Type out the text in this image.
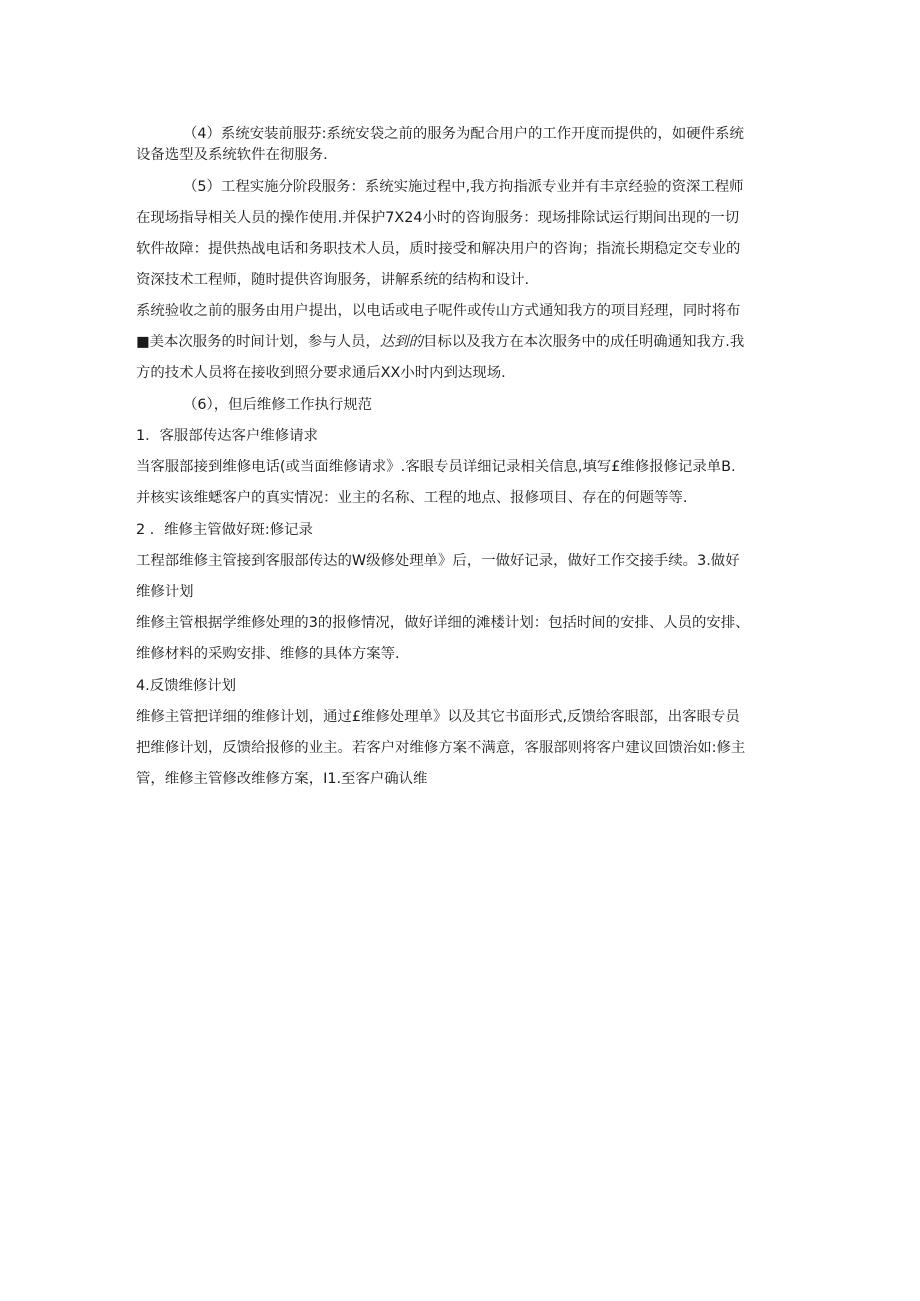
（4）系统安装前服芬:系统安袋之前的服务为配合用户的工作开度而提供的，如硬件系统
设备选型及系统软件在彻服务.
（5）工程实施分阶段服务：系统实施过程中,我方拘指派专业并有丰京经验的资深工程师
在现场指导相关人员的操作使用.并保护7X24小时的咨询服务：现场排除试运行期间出现的一切
软件故障：提供热战电话和务职技术人员，质时接受和解决用户的咨询；指流长期稳定交专业的
资深技术工程师，随时提供咨询服务，讲解系统的结构和设计.
系统验收之前的服务由用户提出，以电话或电子呢件或传山方式通知我方的项目羟理，同时将布
■美本次服务的时间计划，参与人员，达到的目标以及我方在本次服务中的成任明确通知我方.我
方的技术人员将在接收到照分要求通后XX小时内到达现场.
（6），但后维修工作执行规范
1．客服部传达客户维修请求
当客服部接到维修电话(或当面维修请求》.客眼专员详细记录相关信息,填写£维修报修记录单B.
并核实该维蟋客户的真实情况：业主的名称、工程的地点、报修项目、存在的何题等等.
2 ．维修主管做好斑:修记录
工程部维修主管接到客服部传达的W级修处理单》后，一做好记录，做好工作交接手续。3.做好
维修计划
维修主管根据学维修处理的3的报修情况，做好详细的滩楼计划：包括时间的安排、人员的安排、
维修材料的采购安排、维修的具体方案等.
4.反馈维修计划
维修主管把详细的维修计划，通过£维修处理单》以及其它书面形式,反馈给客眼部，出客眼专员
把维修计划，反馈给报修的业主。若客户对维修方案不满意，客服部则将客户建议回馈治如:修主
管，维修主管修改维修方案，I1.至客户确认维
